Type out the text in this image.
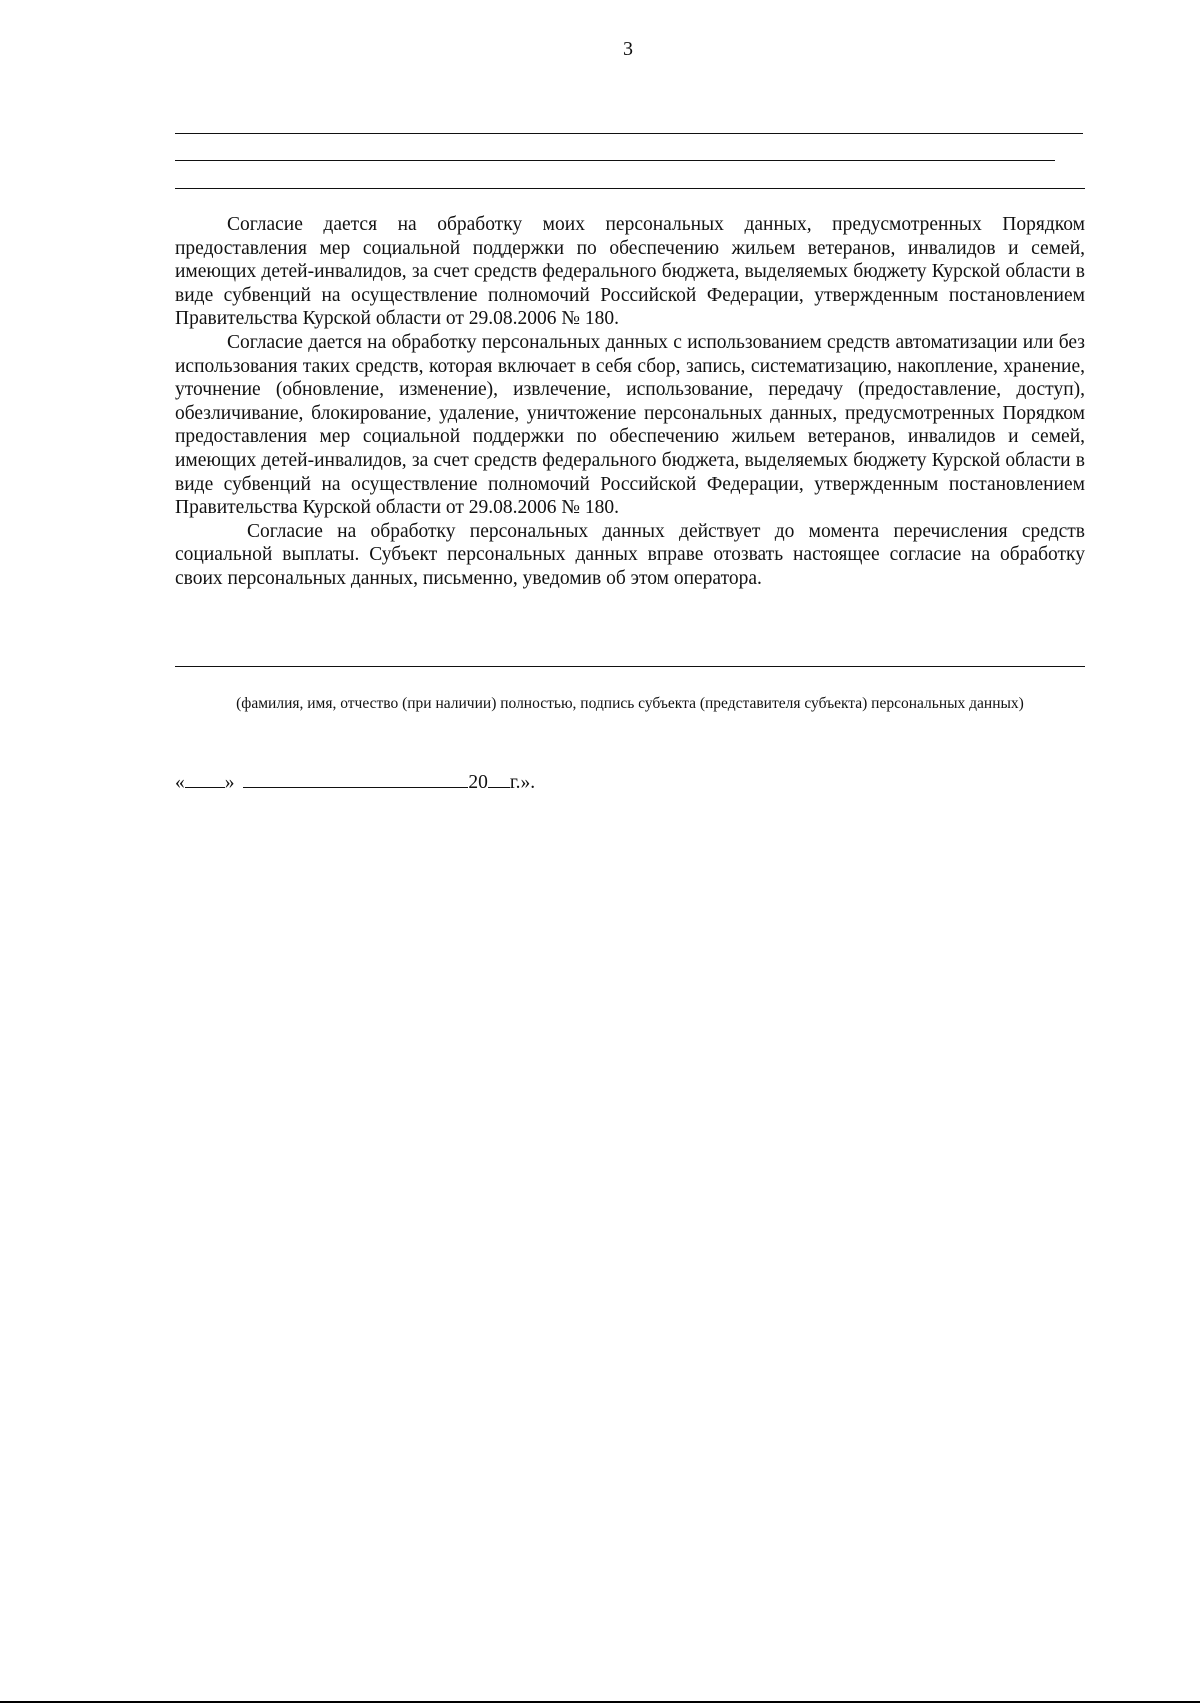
3

Согласие дается на обработку моих персональных данных, предусмотренных Порядком предоставления мер социальной поддержки по обеспечению жильем ветеранов, инвалидов и семей, имеющих детей-инвалидов, за счет средств федерального бюджета, выделяемых бюджету Курской области в виде субвенций на осуществление полномочий Российской Федерации, утвержденным постановлением Правительства Курской области от 29.08.2006 № 180.

Согласие дается на обработку персональных данных с использованием средств автоматизации или без использования таких средств, которая включает в себя сбор, запись, систематизацию, накопление, хранение, уточнение (обновление, изменение), извлечение, использование, передачу (предоставление, доступ), обезличивание, блокирование, удаление, уничтожение персональных данных, предусмотренных Порядком предоставления мер социальной поддержки по обеспечению жильем ветеранов, инвалидов и семей, имеющих детей-инвалидов, за счет средств федерального бюджета, выделяемых бюджету Курской области в виде субвенций на осуществление полномочий Российской Федерации, утвержденным постановлением Правительства Курской области от 29.08.2006 № 180.

Согласие на обработку персональных данных действует до момента перечисления средств социальной выплаты. Субъект персональных данных вправе отозвать настоящее согласие на обработку своих персональных данных, письменно, уведомив об этом оператора.

(фамилия, имя, отчество (при наличии) полностью, подпись субъекта (представителя субъекта) персональных данных)
« »	20 г.».
